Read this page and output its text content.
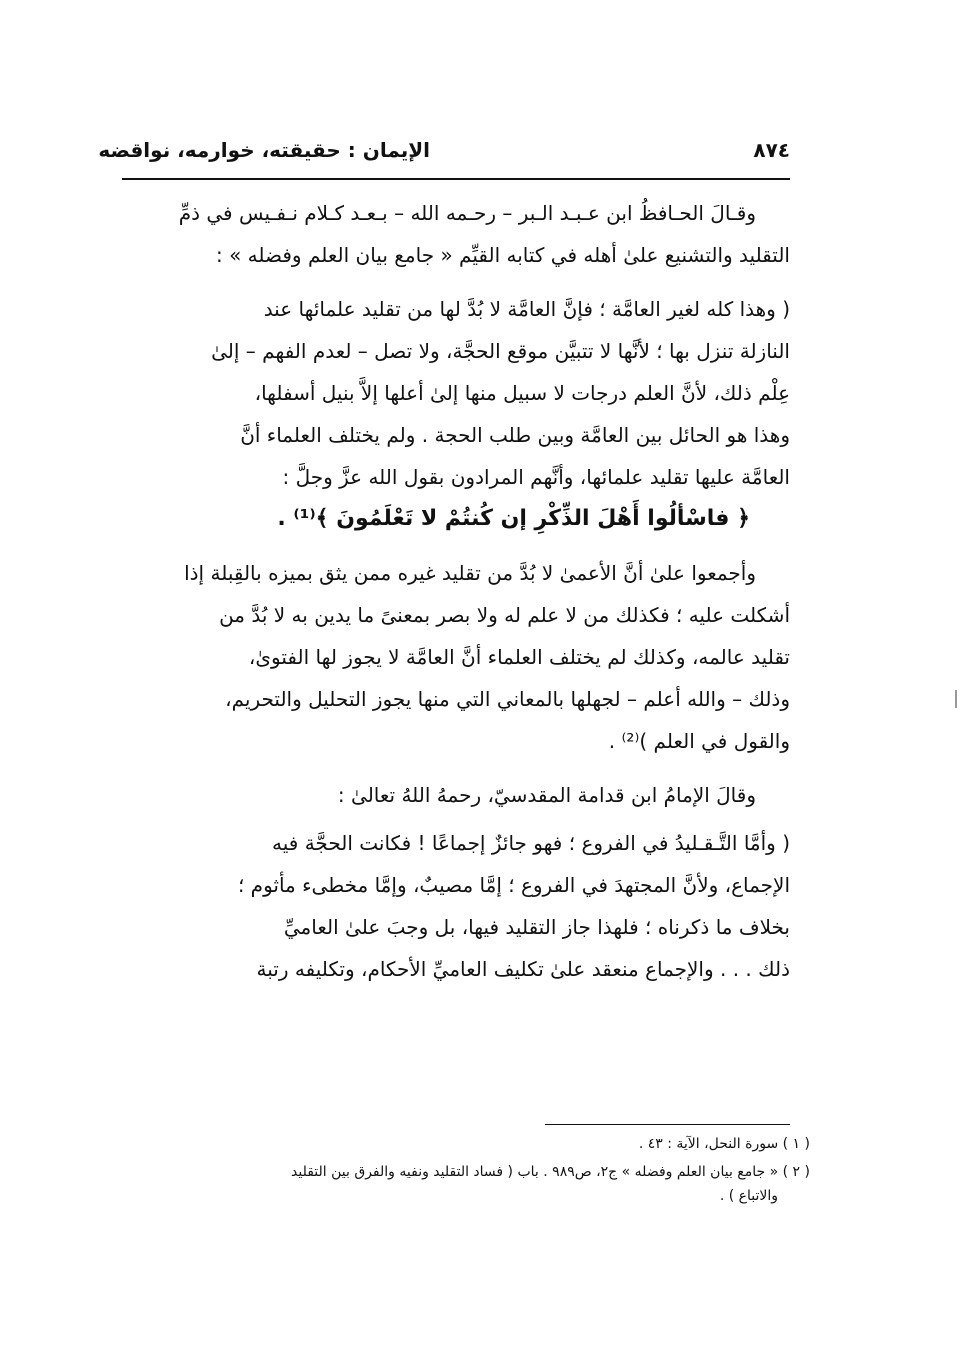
الإيمان : حقيقته، خوارمه، نواقضه	٨٧٤
وقـالَ الحـافظُ ابن عـبـد الـبر – رحـمه الله – بـعـد كـلام نـفـيس في ذمِّ
التقليد والتشنيع علىٰ أهله في كتابه القيِّم « جامع بيان العلم وفضله » :
( وهذا كله لغير العامَّة ؛ فإنَّ العامَّة لا بُدَّ لها من تقليد علمائها عند
النازلة تنزل بها ؛ لأنَّها لا تتبيَّن موقع الحجَّة، ولا تصل – لعدم الفهم – إلىٰ
عِلْم ذلك، لأنَّ العلم درجات لا سبيل منها إلىٰ أعلها إلاَّ بنيل أسفلها،
وهذا هو الحائل بين العامَّة وبين طلب الحجة . ولم يختلف العلماء أنَّ
العامَّة عليها تقليد علمائها، وأنَّهم المرادون بقول الله عزَّ وجلَّ :
﴿ فاسْألُوا أَهْلَ الذِّكْرِ إن كُنتُمْ لا تَعْلَمُونَ ﴾⁽¹⁾ .
وأجمعوا علىٰ أنَّ الأعمىٰ لا بُدَّ من تقليد غيره ممن يثق بميزه بالقِبلة إذا
أشكلت عليه ؛ فكذلك من لا علم له ولا بصر بمعنىً ما يدين به لا بُدَّ من
تقليد عالمه، وكذلك لم يختلف العلماء أنَّ العامَّة لا يجوز لها الفتوىٰ،
وذلك – والله أعلم – لجهلها بالمعاني التي منها يجوز التحليل والتحريم،
والقول في العلم )⁽²⁾ .
وقالَ الإمامُ ابن قدامة المقدسيّ، رحمهُ اللهُ تعالىٰ :
( وأمَّا التَّـقـليدُ في الفروع ؛ فهو جائزٌ إجماعًا ! فكانت الحجَّة فيه
الإجماع، ولأنَّ المجتهدَ في الفروع ؛ إمَّا مصيبٌ، وإمَّا مخطىء مأثوم ؛
بخلاف ما ذكرناه ؛ فلهذا جاز التقليد فيها، بل وجبَ علىٰ العاميِّ
ذلك . . . والإجماع منعقد علىٰ تكليف العاميِّ الأحكام، وتكليفه رتبة
( ١ ) سورة النحل، الآية : ٤٣ .
( ٢ ) « جامع بيان العلم وفضله » ج٢، ص٩٨٩ . باب ( فساد التقليد ونفيه والفرق بين التقليد
والاتباع ) .
